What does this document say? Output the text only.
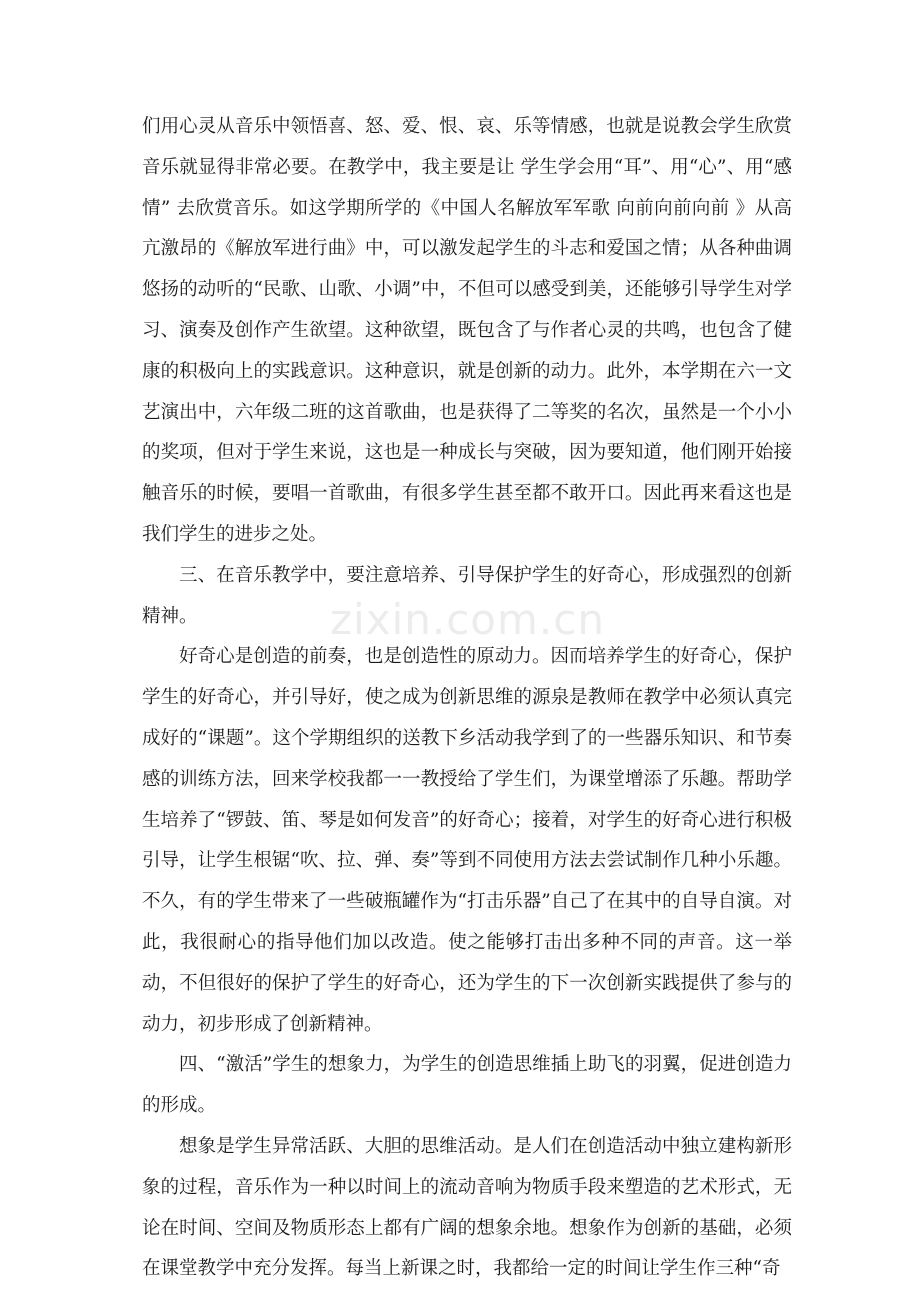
们用心灵从音乐中领悟喜、怒、爱、恨、哀、乐等情感，也就是说教会学生欣赏音乐就显得非常必要。在教学中，我主要是让 学生学会用“耳”、用“心”、用“感情” 去欣赏音乐。如这学期所学的《中国人名解放军军歌 向前向前向前 》从高亢激昂的《解放军进行曲》中，可以激发起学生的斗志和爱国之情；从各种曲调悠扬的动听的“民歌、山歌、小调”中，不但可以感受到美，还能够引导学生对学习、演奏及创作产生欲望。这种欲望，既包含了与作者心灵的共鸣，也包含了健康的积极向上的实践意识。这种意识，就是创新的动力。此外，本学期在六一文艺演出中，六年级二班的这首歌曲，也是获得了二等奖的名次，虽然是一个小小的奖项，但对于学生来说，这也是一种成长与突破，因为要知道，他们刚开始接触音乐的时候，要唱一首歌曲，有很多学生甚至都不敢开口。因此再来看这也是我们学生的进步之处。

三、在音乐教学中，要注意培养、引导保护学生的好奇心，形成强烈的创新精神。

好奇心是创造的前奏，也是创造性的原动力。因而培养学生的好奇心，保护学生的好奇心，并引导好，使之成为创新思维的源泉是教师在教学中必须认真完成好的“课题”。这个学期组织的送教下乡活动我学到了的一些器乐知识、和节奏感的训练方法，回来学校我都一一教授给了学生们，为课堂增添了乐趣。帮助学生培养了“锣鼓、笛、琴是如何发音”的好奇心；接着，对学生的好奇心进行积极引导，让学生根锯“吹、拉、弹、奏”等到不同使用方法去尝试制作几种小乐趣。不久，有的学生带来了一些破瓶罐作为“打击乐器”自己了在其中的自导自演。对此，我很耐心的指导他们加以改造。使之能够打击出多种不同的声音。这一举动，不但很好的保护了学生的好奇心，还为学生的下一次创新实践提供了参与的动力，初步形成了创新精神。

四、“激活”学生的想象力，为学生的创造思维插上助飞的羽翼，促进创造力的形成。

想象是学生异常活跃、大胆的思维活动。是人们在创造活动中独立建构新形象的过程，音乐作为一种以时间上的流动音响为物质手段来塑造的艺术形式，无论在时间、空间及物质形态上都有广阔的想象余地。想象作为创新的基础，必须在课堂教学中充分发挥。每当上新课之时，我都给一定的时间让学生作三种“奇

zixin.com.cn
